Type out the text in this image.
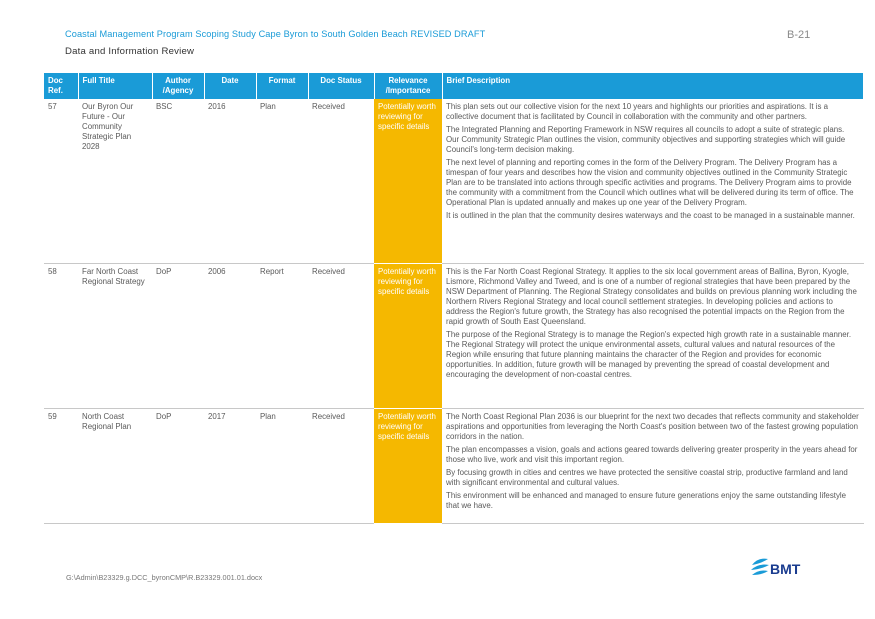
Coastal Management Program Scoping Study Cape Byron to South Golden Beach REVISED DRAFT	B-21
Data and Information Review
Doc Ref.	Full Title	Author /Agency	Date	Format	Doc Status	Relevance /Importance	Brief Description
57	Our Byron Our Future - Our Community Strategic Plan 2028	BSC	2016	Plan	Received	Potentially worth reviewing for specific details	This plan sets out our collective vision for the next 10 years and highlights our priorities and aspirations. It is a collective document that is facilitated by Council in collaboration with the community and other partners.

The Integrated Planning and Reporting Framework in NSW requires all councils to adopt a suite of strategic plans. Our Community Strategic Plan outlines the vision, community objectives and supporting strategies which will guide Council's long-term decision making.

The next level of planning and reporting comes in the form of the Delivery Program. The Delivery Program has a timespan of four years and describes how the vision and community objectives outlined in the Community Strategic Plan are to be translated into actions through specific activities and programs. The Delivery Program aims to provide the community with a commitment from the Council which outlines what will be delivered during its term of office. The Operational Plan is updated annually and makes up one year of the Delivery Program.

It is outlined in the plan that the community desires waterways and the coast to be managed in a sustainable manner.

58	Far North Coast Regional Strategy	DoP	2006	Report	Received	Potentially worth reviewing for specific details	This is the Far North Coast Regional Strategy. It applies to the six local government areas of Ballina, Byron, Kyogle, Lismore, Richmond Valley and Tweed, and is one of a number of regional strategies that have been prepared by the NSW Department of Planning. The Regional Strategy consolidates and builds on previous planning work including the Northern Rivers Regional Strategy and local council settlement strategies. In developing policies and actions to address the Region's future growth, the Strategy has also recognised the potential impacts on the Region from the rapid growth of South East Queensland.

The purpose of the Regional Strategy is to manage the Region's expected high growth rate in a sustainable manner. The Regional Strategy will protect the unique environmental assets, cultural values and natural resources of the Region while ensuring that future planning maintains the character of the Region and provides for economic opportunities. In addition, future growth will be managed by preventing the spread of coastal development and encouraging the development of non-coastal centres.

59	North Coast Regional Plan	DoP	2017	Plan	Received	Potentially worth reviewing for specific details	The North Coast Regional Plan 2036 is our blueprint for the next two decades that reflects community and stakeholder aspirations and opportunities from leveraging the North Coast's position between two of the fastest growing population corridors in the nation.

The plan encompasses a vision, goals and actions geared towards delivering greater prosperity in the years ahead for those who live, work and visit this important region.

By focusing growth in cities and centres we have protected the sensitive coastal strip, productive farmland and land with significant environmental and cultural values.

This environment will be enhanced and managed to ensure future generations enjoy the same outstanding lifestyle that we have.

G:\Admin\B23329.g.DCC_byronCMP\R.B23329.001.01.docx
BMT
